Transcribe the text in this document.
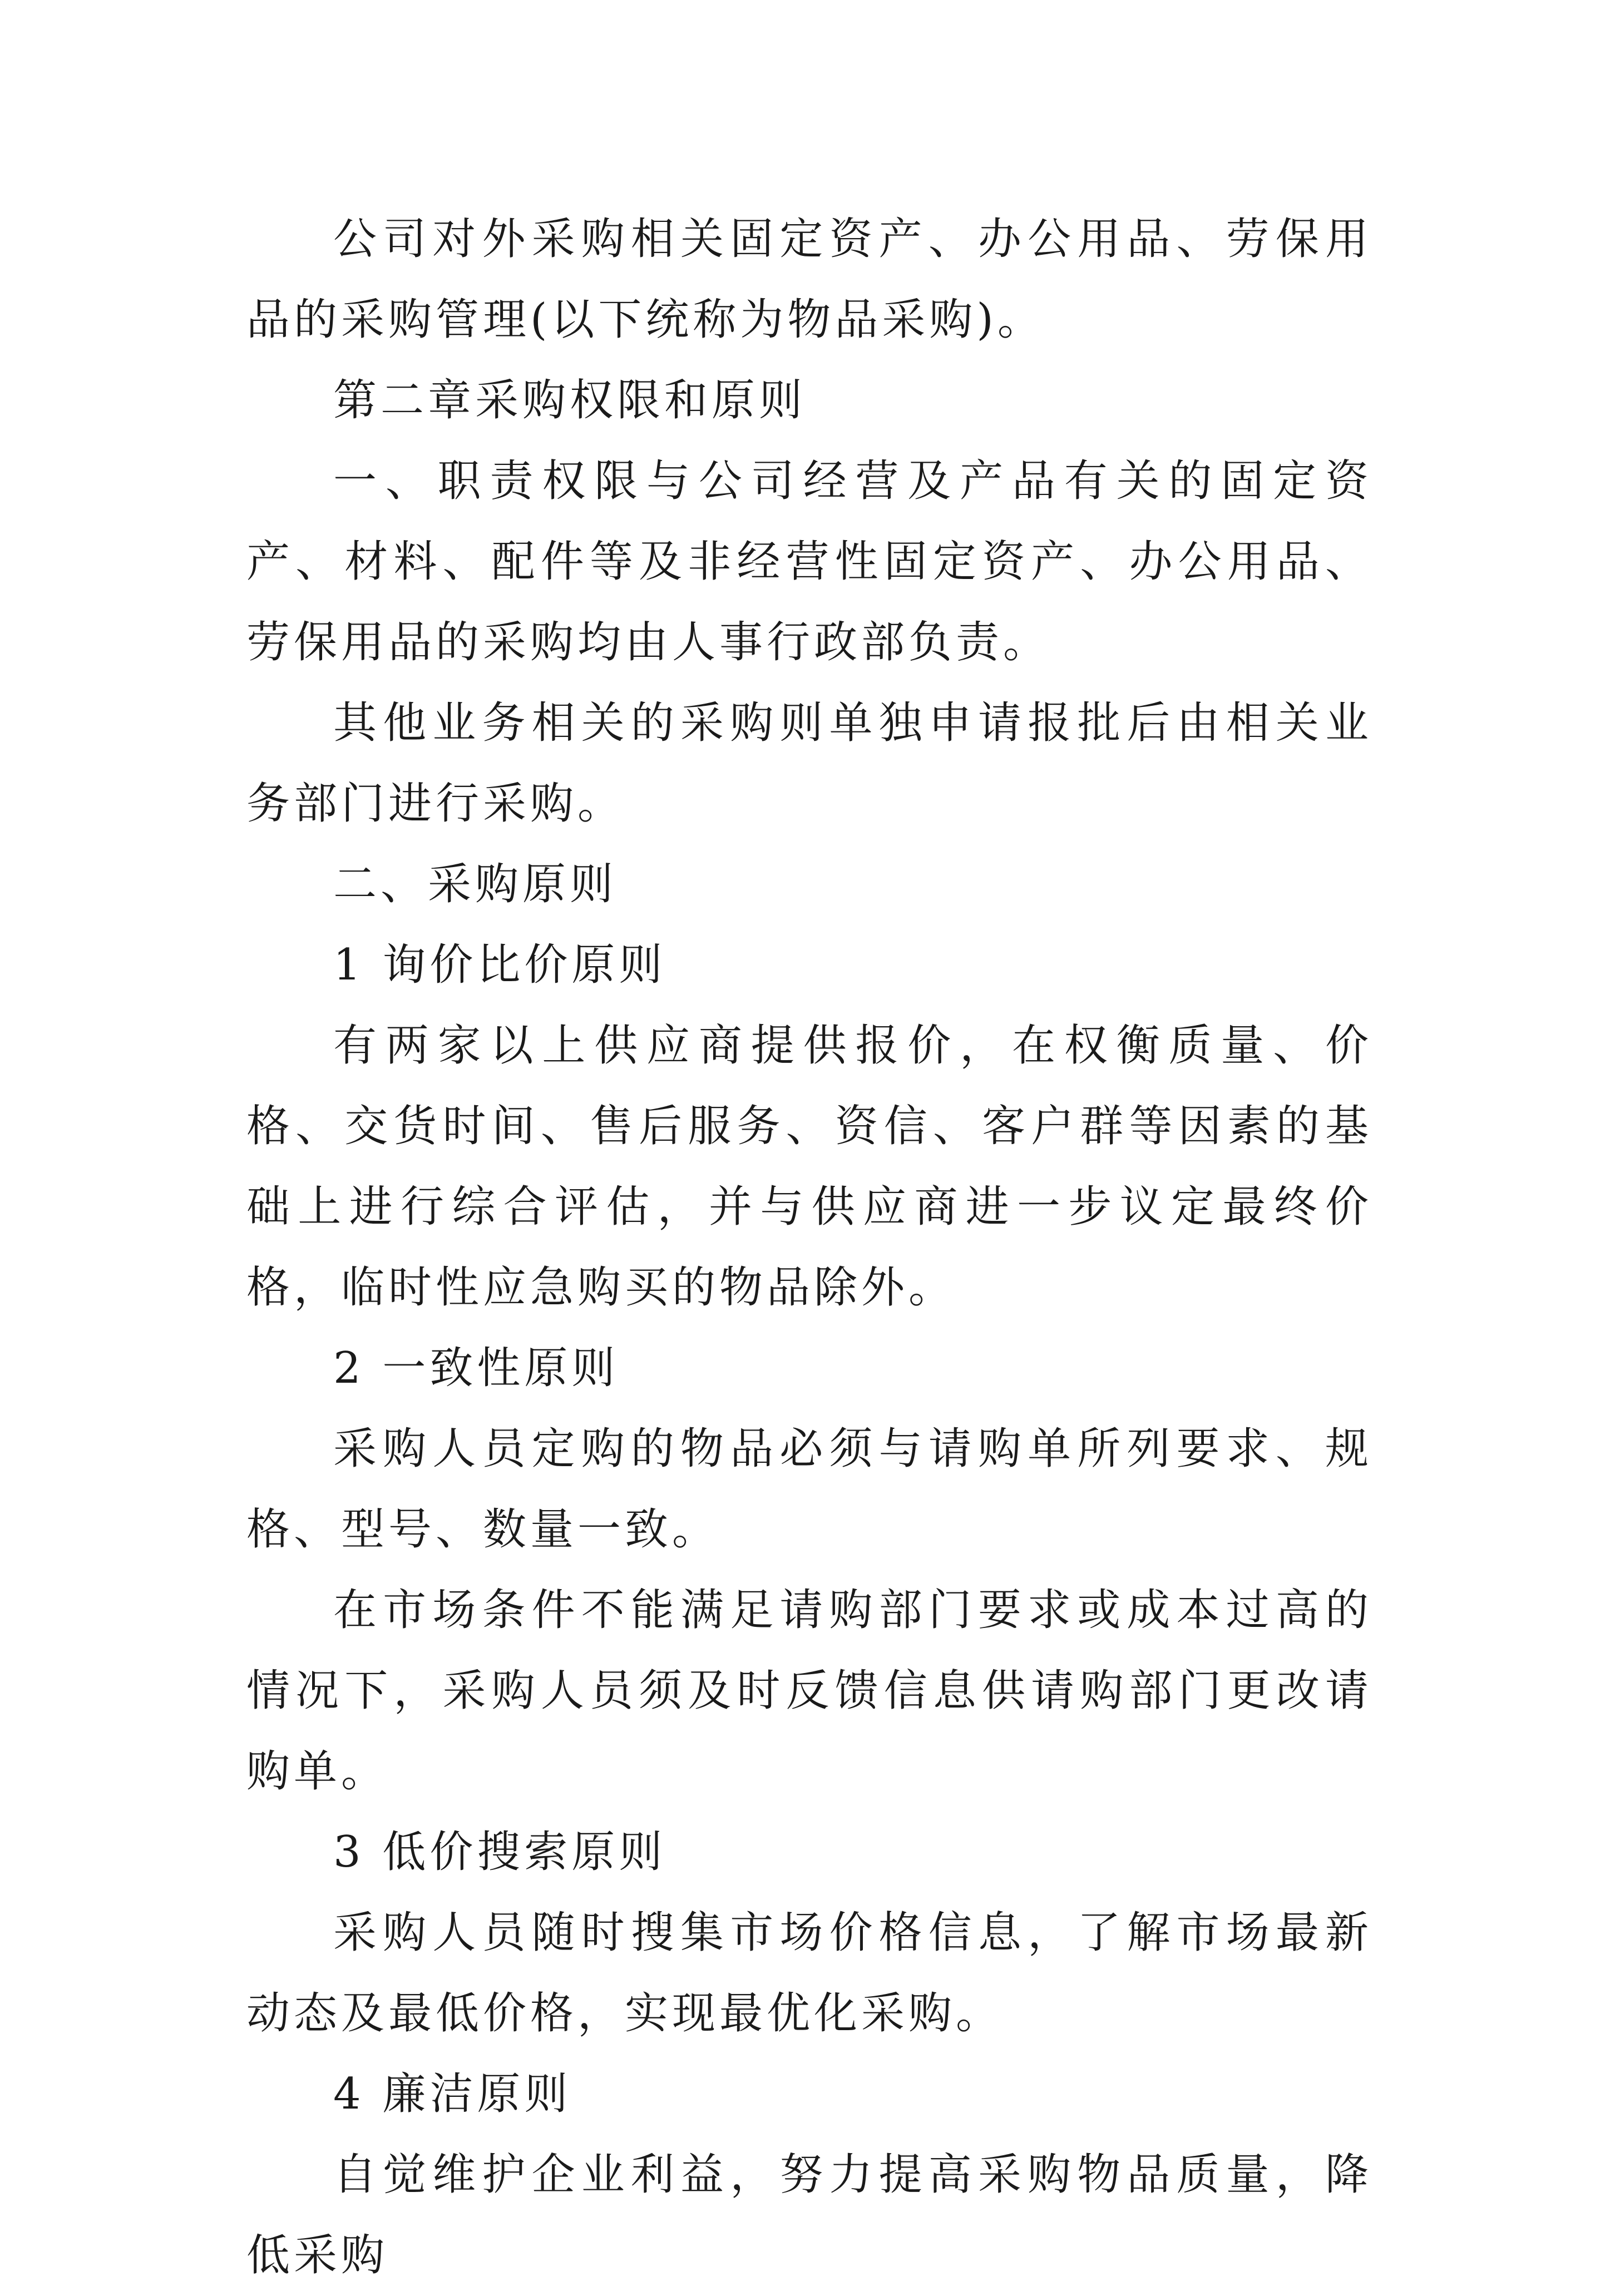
公司对外采购相关固定资产、办公用品、劳保用品的采购管理(以下统称为物品采购)。

第二章采购权限和原则

一、职责权限与公司经营及产品有关的固定资产、材料、配件等及非经营性固定资产、办公用品、劳保用品的采购均由人事行政部负责。

其他业务相关的采购则单独申请报批后由相关业务部门进行采购。

二、采购原则

1 询价比价原则

有两家以上供应商提供报价，在权衡质量、价格、交货时间、售后服务、资信、客户群等因素的基础上进行综合评估，并与供应商进一步议定最终价格，临时性应急购买的物品除外。

2 一致性原则

采购人员定购的物品必须与请购单所列要求、规格、型号、数量一致。

在市场条件不能满足请购部门要求或成本过高的情况下，采购人员须及时反馈信息供请购部门更改请购单。

3 低价搜索原则

采购人员随时搜集市场价格信息，了解市场最新动态及最低价格，实现最优化采购。

4 廉洁原则

自觉维护企业利益，努力提高采购物品质量，降低采购
